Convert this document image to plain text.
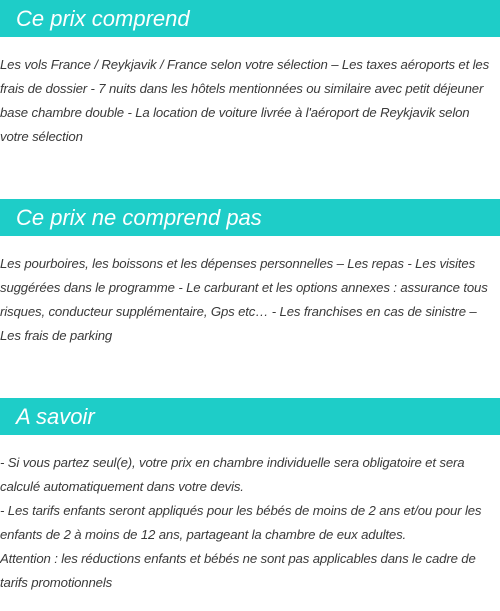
Ce prix comprend

Les vols France / Reykjavik / France selon votre sélection – Les taxes aéroports et les frais de dossier - 7 nuits dans les hôtels mentionnées ou similaire avec petit déjeuner base chambre double - La location de voiture livrée à l'aéroport de Reykjavik selon votre sélection

Ce prix ne comprend pas

Les pourboires, les boissons et les dépenses personnelles – Les repas - Les visites suggérées dans le programme - Le carburant et les options annexes : assurance tous risques, conducteur supplémentaire, Gps etc… - Les franchises en cas de sinistre – Les frais de parking

A savoir
- Si vous partez seul(e), votre prix en chambre individuelle sera obligatoire et sera calculé automatiquement dans votre devis.
- Les tarifs enfants seront appliqués pour les bébés de moins de 2 ans et/ou pour les enfants de 2 à moins de 12 ans, partageant la chambre de eux adultes.
Attention : les réductions enfants et bébés ne sont pas applicables dans le cadre de tarifs promotionnels
